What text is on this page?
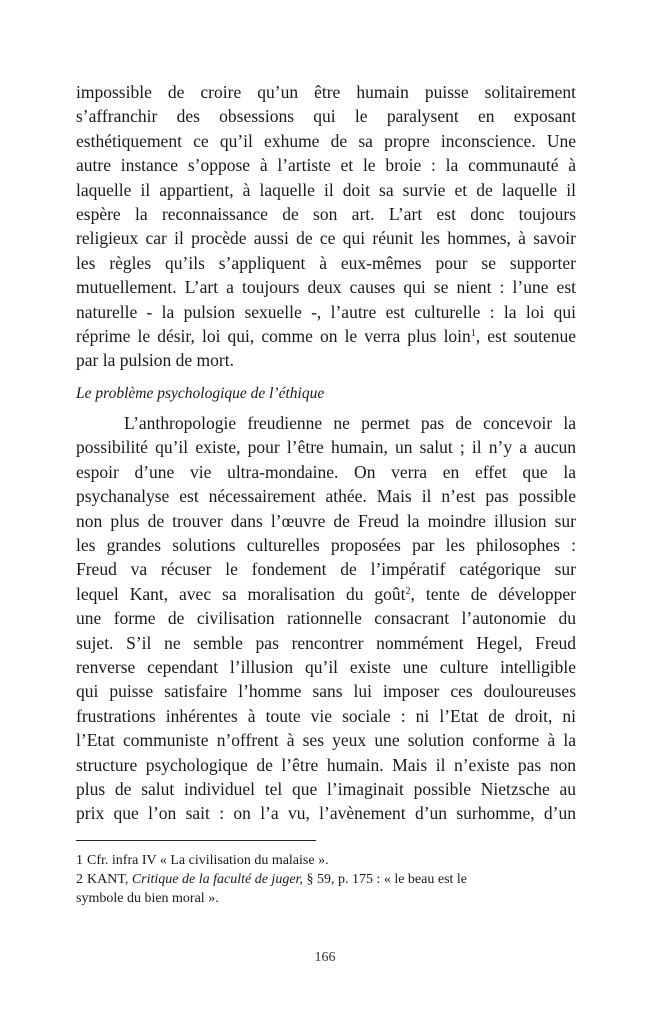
impossible de croire qu’un être humain puisse solitairement

s’affranchir des obsessions qui le paralysent en exposant

esthétiquement ce qu’il exhume de sa propre inconscience. Une

autre instance s’oppose à l’artiste et le broie : la communauté à

laquelle il appartient, à laquelle il doit sa survie et de laquelle il

espère la reconnaissance de son art. L’art est donc toujours

religieux car il procède aussi de ce qui réunit les hommes, à savoir

les règles qu’ils s’appliquent à eux-mêmes pour se supporter

mutuellement. L’art a toujours deux causes qui se nient : l’une est

naturelle - la pulsion sexuelle -, l’autre est culturelle : la loi qui

réprime le désir, loi qui, comme on le verra plus loin$^1$, est soutenue

par la pulsion de mort.

Le problème psychologique de l’éthique

L’anthropologie freudienne ne permet pas de concevoir la

possibilité qu’il existe, pour l’être humain, un salut ; il n’y a aucun

espoir d’une vie ultra-mondaine. On verra en effet que la

psychanalyse est nécessairement athée. Mais il n’est pas possible

non plus de trouver dans l’œuvre de Freud la moindre illusion sur

les grandes solutions culturelles proposées par les philosophes :

Freud va récuser le fondement de l’impératif catégorique sur

lequel Kant, avec sa moralisation du goût$^2$, tente de développer

une forme de civilisation rationnelle consacrant l’autonomie du

sujet. S’il ne semble pas rencontrer nommément Hegel, Freud

renverse cependant l’illusion qu’il existe une culture intelligible

qui puisse satisfaire l’homme sans lui imposer ces douloureuses

frustrations inhérentes à toute vie sociale : ni l’Etat de droit, ni

l’Etat communiste n’offrent à ses yeux une solution conforme à la

structure psychologique de l’être humain. Mais il n’existe pas non

plus de salut individuel tel que l’imaginait possible Nietzsche au

prix que l’on sait : on l’a vu, l’avènement d’un surhomme, d’un

1 Cfr. infra IV « La civilisation du malaise ».

2 KANT, Critique de la faculté de juger, § 59, p. 175 : « le beau est le
symbole du bien moral ».

166
